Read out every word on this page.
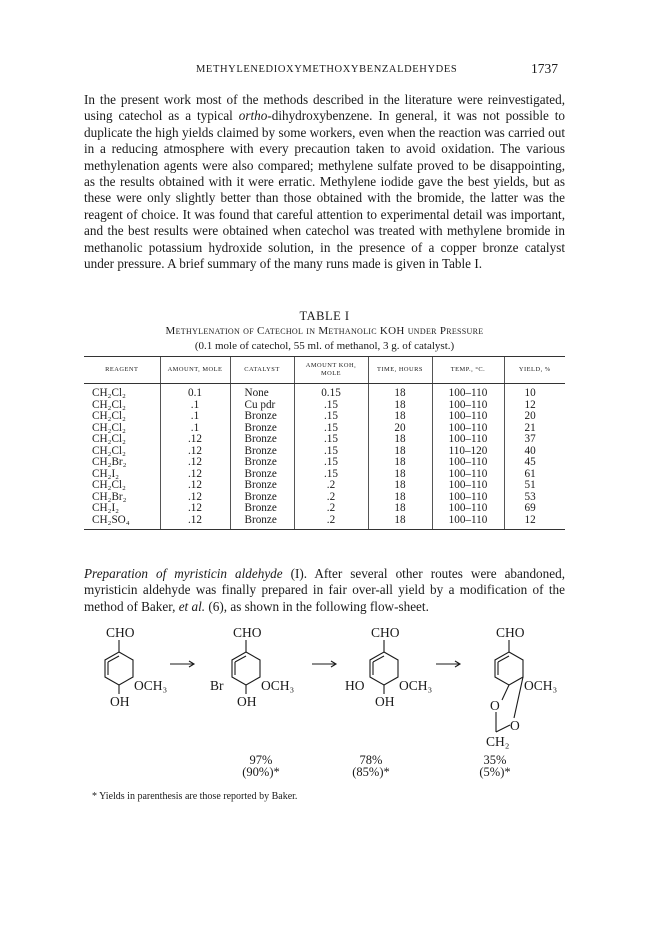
METHYLENEDIOXYMETHOXYBENZALDEHYDES	1737

In the present work most of the methods described in the literature were reinvestigated, using catechol as a typical ortho-dihydroxybenzene. In general, it was not possible to duplicate the high yields claimed by some workers, even when the reaction was carried out in a reducing atmosphere with every precaution taken to avoid oxidation. The various methylenation agents were also compared; methylene sulfate proved to be disappointing, as the results obtained with it were erratic. Methylene iodide gave the best yields, but as these were only slightly better than those obtained with the bromide, the latter was the reagent of choice. It was found that careful attention to experimental detail was important, and the best results were obtained when catechol was treated with methylene bromide in methanolic potassium hydroxide solution, in the presence of a copper bronze catalyst under pressure. A brief summary of the many runs made is given in Table I.

TABLE I
Methylenation of Catechol in Methanolic KOH under Pressure
(0.1 mole of catechol, 55 ml. of methanol, 3 g. of catalyst.)
REAGENT	AMOUNT, MOLE	CATALYST	AMOUNT KOH, MOLE	TIME, HOURS	TEMP., °C.	YIELD, %
CH₂Cl₂	0.1	None	0.15	18	100–110	10
CH₂Cl₂	.1	Cu pdr	.15	18	100–110	12
CH₂Cl₂	.1	Bronze	.15	18	100–110	20
CH₂Cl₂	.1	Bronze	.15	20	100–110	21
CH₂Cl₂	.12	Bronze	.15	18	100–110	37
CH₂Cl₂	.12	Bronze	.15	18	110–120	40
CH₂Br₂	.12	Bronze	.15	18	100–110	45
CH₂I₂	.12	Bronze	.15	18	100–110	61
CH₂Cl₂	.12	Bronze	.2	18	100–110	51
CH₂Br₂	.12	Bronze	.2	18	100–110	53
CH₂I₂	.12	Bronze	.2	18	100–110	69
CH₂SO₄	.12	Bronze	.2	18	100–110	12

Preparation of myristicin aldehyde (I). After several other routes were abandoned, myristicin aldehyde was finally prepared in fair over-all yield by a modification of the method of Baker, et al. (6), as shown in the following flow-sheet.

CHO
OCH₃
OH
CHO
Br	OCH₃
OH
CHO
HO	OCH₃
OH
CHO
OCH₃
O
O
CH₂
97%
(90%)*
78%
(85%)*
35%
(5%)*
* Yields in parenthesis are those reported by Baker.
